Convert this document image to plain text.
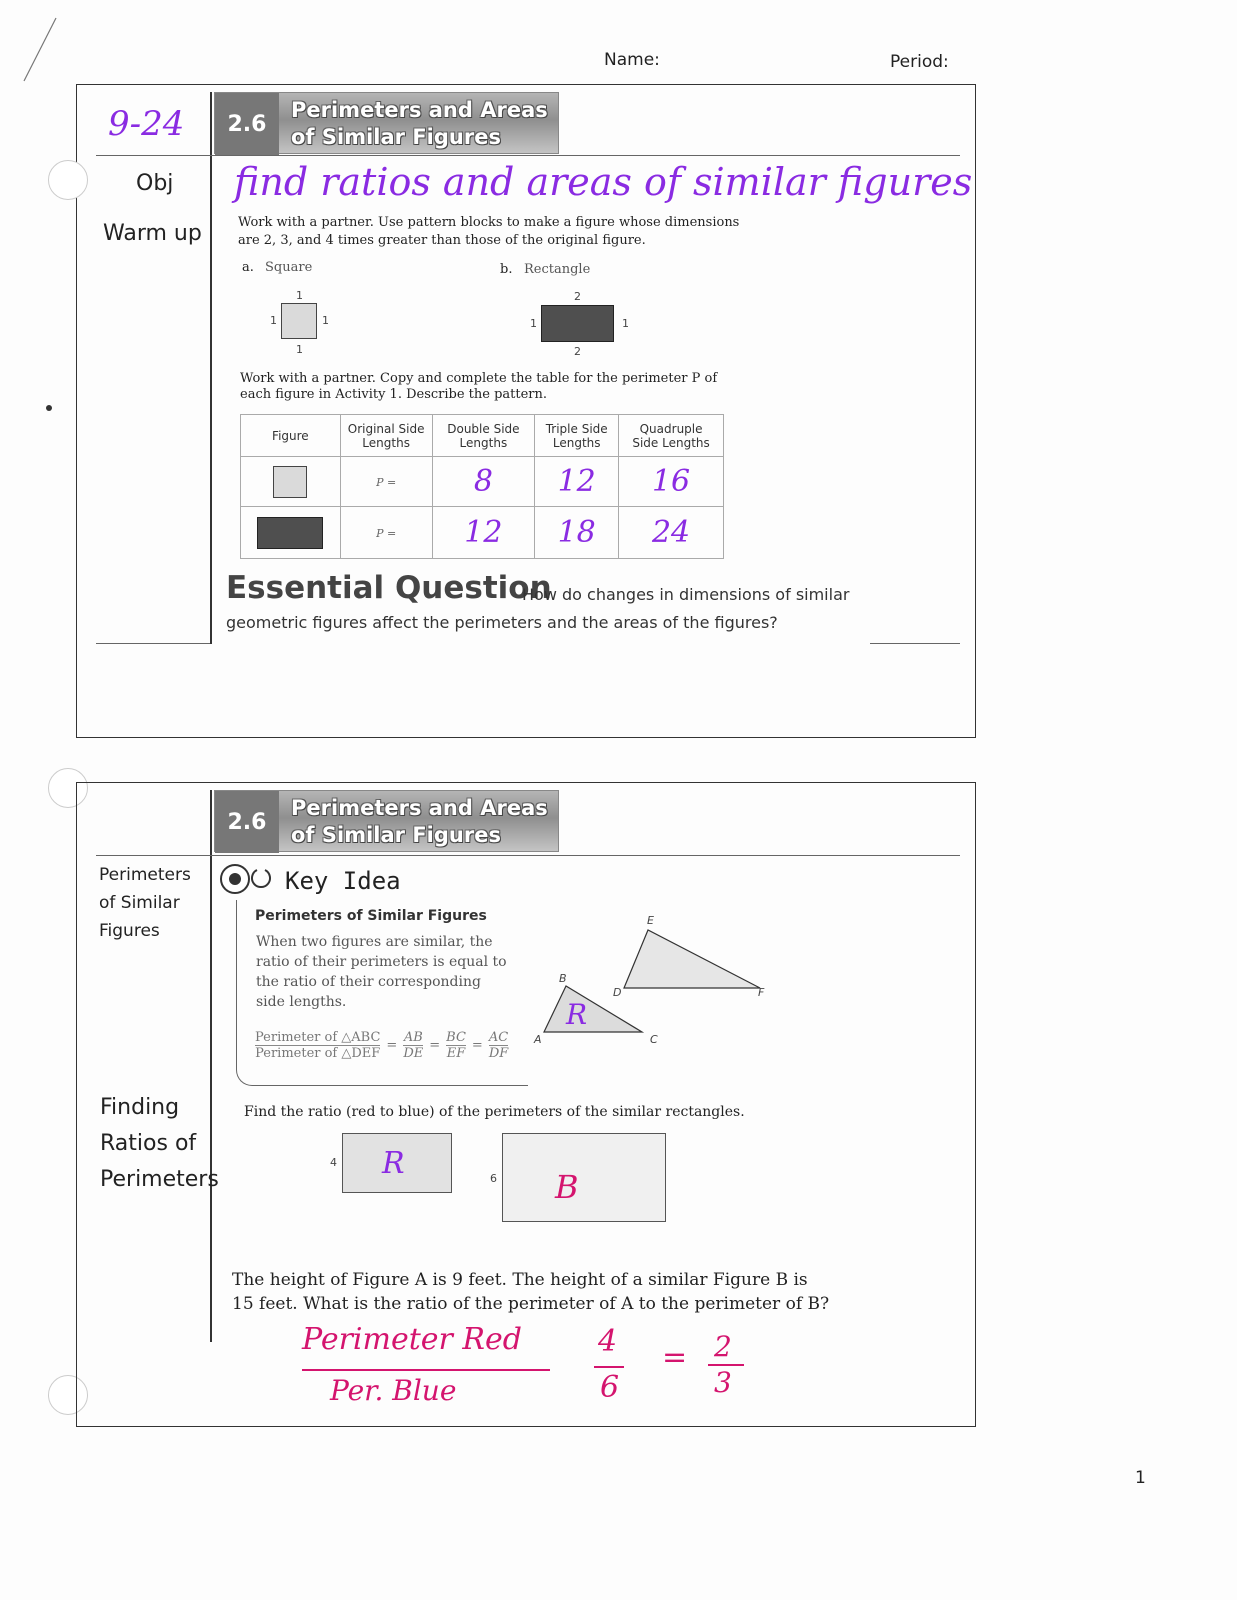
Name:	Period:
9-24	2.6
Perimeters and Areas
of Similar Figures
Obj find ratios and areas of similar figures
Warm up	Work with a partner. Use pattern blocks to make a figure whose dimensions
are 2, 3, and 4 times greater than those of the original figure.
a. Square	b. Rectangle
1
1	1
1
2
1	1
2
Work with a partner. Copy and complete the table for the perimeter P of
each figure in Activity 1. Describe the pattern.
Figure	Original Side Lengths	Double Side Lengths	Triple Side Lengths	Quadruple Side Lengths

	P =	8	12	16

	P =	12	18	24
Essential Question
How do changes in dimensions of similar
geometric figures affect the perimeters and the areas of the figures?
2.6
Perimeters and Areas
of Similar Figures
Perimeters
of Similar
Figures
Key Idea
Perimeters of Similar Figures
When two figures are similar, the
ratio of their perimeters is equal to
the ratio of their corresponding
side lengths.
Perimeter of △ABC
Perimeter of △DEF
= $\frac{AB}{DE} = \frac{BC}{EF} = \frac{AC}{DF}$
E
D	F
B
A	C
R
Finding
Ratios of
Perimeters
Find the ratio (red to blue) of the perimeters of the similar rectangles.
4 R	6 B
The height of Figure A is 9 feet. The height of a similar Figure B is
15 feet. What is the ratio of the perimeter of A to the perimeter of B?
Perimeter Red
Per. Blue
4
6
= 2
3
1
